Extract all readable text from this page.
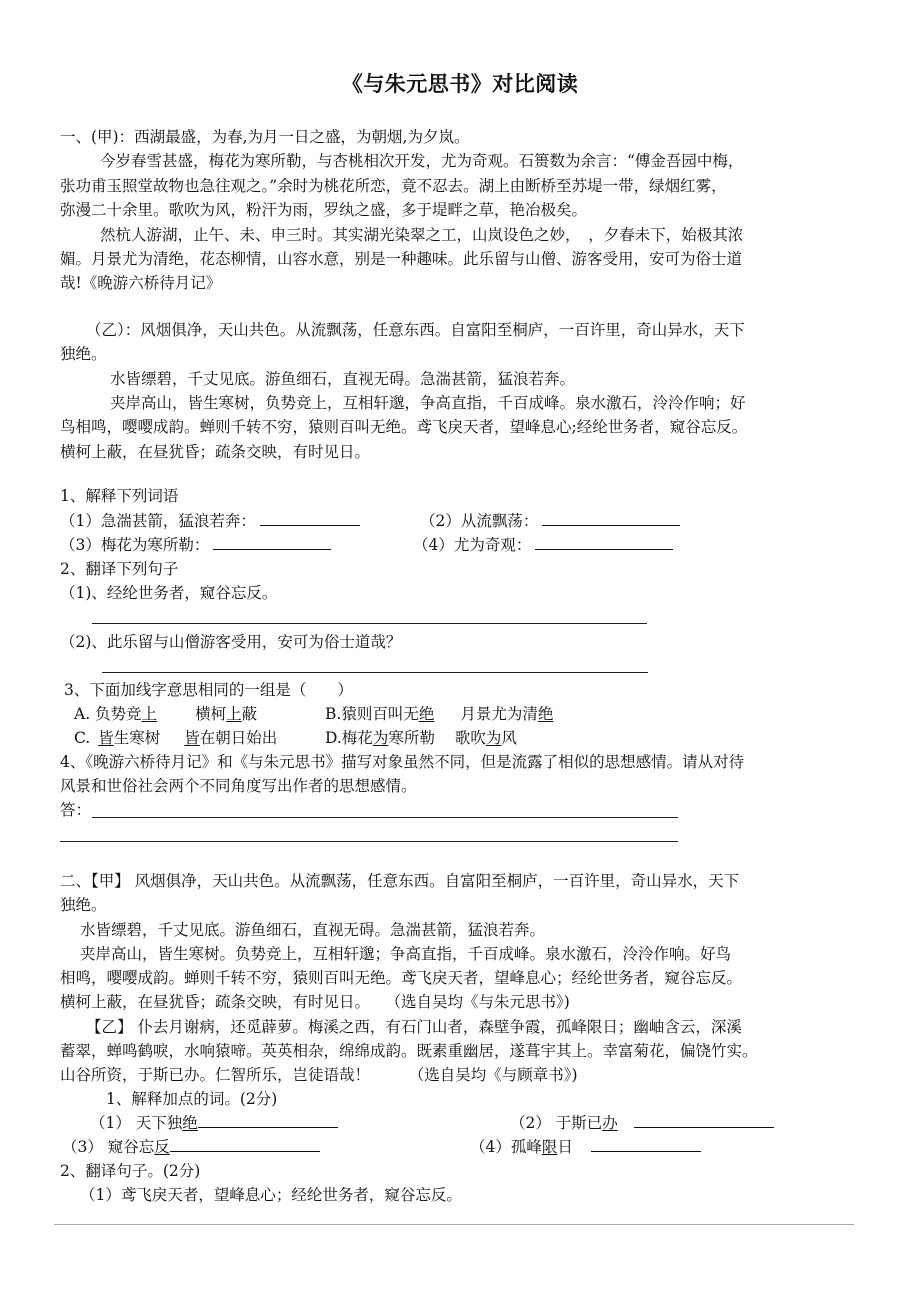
《与朱元思书》对比阅读
一、(甲)：西湖最盛，为春,为月一日之盛，为朝烟,为夕岚。
今岁春雪甚盛，梅花为寒所勒，与杏桃相次开发，尤为奇观。石篑数为余言：“傅金吾园中梅，
张功甫玉照堂故物也急往观之。”余时为桃花所恋，竟不忍去。湖上由断桥至苏堤一带，绿烟红雾，
弥漫二十余里。歌吹为风，粉汗为雨，罗纨之盛，多于堤畔之草，艳冶极矣。
然杭人游湖，止午、未、申三时。其实湖光染翠之工，山岚设色之妙，　，夕春未下，始极其浓
媚。月景尤为清绝，花态柳情，山容水意，别是一种趣味。此乐留与山僧、游客受用，安可为俗士道
哉!《晚游六桥待月记》
（乙）：风烟俱净，天山共色。从流飘荡，任意东西。自富阳至桐庐，一百许里，奇山异水，天下
独绝。
水皆缥碧，千丈见底。游鱼细石，直视无碍。急湍甚箭，猛浪若奔。
夹岸高山，皆生寒树，负势竞上，互相轩邈，争高直指，千百成峰。泉水激石，泠泠作响；好
鸟相鸣，嘤嘤成韵。蝉则千转不穷，猿则百叫无绝。鸢飞戾天者，望峰息心;经纶世务者，窥谷忘反。
横柯上蔽，在昼犹昏；疏条交映，有时见日。
1、解释下列词语
（1）急湍甚箭，猛浪若奔：	（2）从流飘荡：
（3）梅花为寒所勒：	（4）尤为奇观：
2、翻译下列句子
（1)、经纶世务者，窥谷忘反。
（2)、此乐留与山僧游客受用，安可为俗士道哉？
3、下面加线字意思相同的一组是（　　）
A. 负势竞上 横柯上蔽	B.猿则百叫无绝 月景尤为清绝
C. 皆生寒树 皆在朝日始出	D.梅花为寒所勒 歌吹为风
4、《晚游六桥待月记》和《与朱元思书》描写对象虽然不同，但是流露了相似的思想感情。请从对待
风景和世俗社会两个不同角度写出作者的思想感情。
答：
二、【甲】 风烟俱净，天山共色。从流飘荡，任意东西。自富阳至桐庐，一百许里，奇山异水，天下
独绝。
水皆缥碧，千丈见底。游鱼细石，直视无碍。急湍甚箭，猛浪若奔。
夹岸高山，皆生寒树。负势竞上，互相轩邈；争高直指，千百成峰。泉水激石，泠泠作响。好鸟
相鸣，嘤嘤成韵。蝉则千转不穷，猿则百叫无绝。鸢飞戾天者，望峰息心；经纶世务者，窥谷忘反。
横柯上蔽，在昼犹昏；疏条交映，有时见日。　　（选自吴均《与朱元思书》)
【乙】 仆去月谢病，还觅薜萝。梅溪之西，有石门山者，森壁争霞，孤峰限日；幽岫含云，深溪
蓄翠，蝉鸣鹤唳，水响猿啼。英英相杂，绵绵成韵。既素重幽居，遂葺宇其上。幸富菊花，偏饶竹实。
山谷所资，于斯已办。仁智所乐，岂徒语哉！　　　（选自吴均《与顾章书》)
1、解释加点的词。(2分)
（1） 天下独绝	（2） 于斯已办
（3） 窥谷忘反	（4）孤峰限日
2、翻译句子。(2分)
（1）鸢飞戾天者，望峰息心；经纶世务者，窥谷忘反。
